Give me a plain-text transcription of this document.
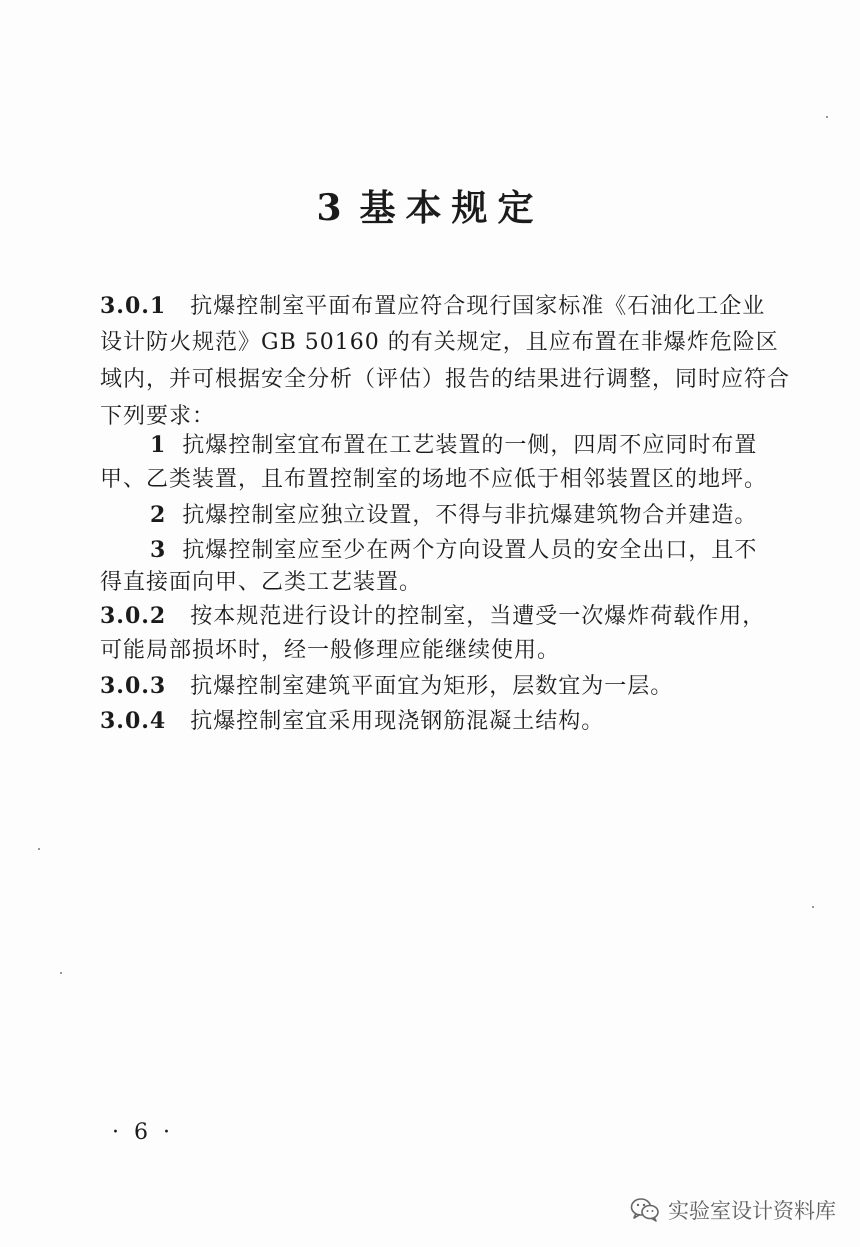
3 基本规定
3.0.1 抗爆控制室平面布置应符合现行国家标准《石油化工企业
设计防火规范》GB 50160 的有关规定，且应布置在非爆炸危险区
域内，并可根据安全分析（评估）报告的结果进行调整，同时应符合
下列要求：
1 抗爆控制室宜布置在工艺装置的一侧，四周不应同时布置
甲、乙类装置，且布置控制室的场地不应低于相邻装置区的地坪。
2 抗爆控制室应独立设置，不得与非抗爆建筑物合并建造。
3 抗爆控制室应至少在两个方向设置人员的安全出口，且不
得直接面向甲、乙类工艺装置。
3.0.2 按本规范进行设计的控制室，当遭受一次爆炸荷载作用，
可能局部损坏时，经一般修理应能继续使用。
3.0.3 抗爆控制室建筑平面宜为矩形，层数宜为一层。
3.0.4 抗爆控制室宜采用现浇钢筋混凝土结构。
· 6 ·
实验室设计资料库
